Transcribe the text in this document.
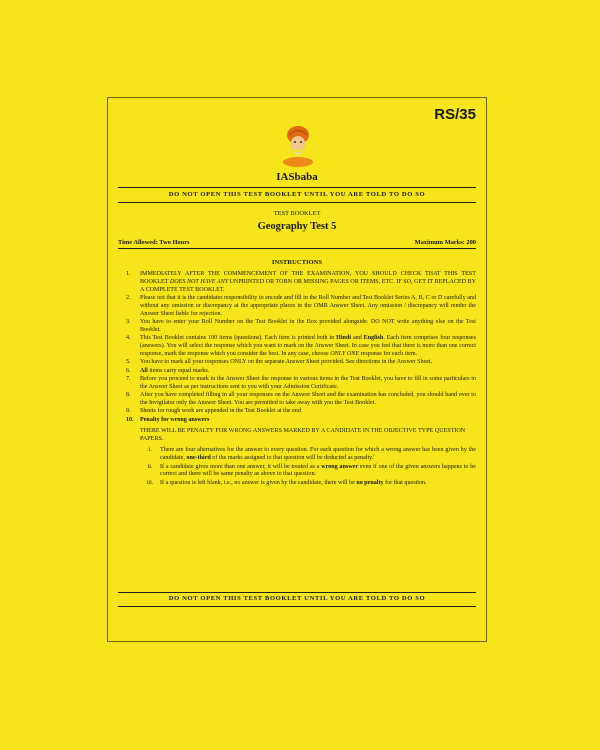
RS/35
IASbaba
DO NOT OPEN THIS TEST BOOKLET UNTIL YOU ARE TOLD TO DO SO
TEST BOOKLET
Geography Test 5
Time Allowed: Two Hours	Maximum Marks: 200
INSTRUCTIONS
1.	IMMEDIATELY AFTER THE COMMENCEMENT OF THE EXAMINATION, YOU SHOULD CHECK THAT THIS TEST BOOKLET DOES NOT HAVE ANY UNPRINTED OR TORN OR MISSING PAGES OR ITEMS, ETC. IF SO, GET IT REPLACED BY A COMPLETE TEST BOOKLET.
2.	Please not that it is the candidates responsibility to encode and fill in the Roll Number and Test Booklet Series A, B, C or D carefully and without any omission or discrepancy at the appropriate places in the OMR Answer Sheet. Any omission / discrepancy will render the Answer Sheet liable for rejection.
3.	You have to enter your Roll Number on the Test Booklet in the Box provided alongside. DO NOT write anything else on the Test Booklet.
4.	This Test Booklet contains 100 items (questions). Each item is printed both in Hindi and English. Each item comprises four responses (answers). You will select the response which you want to mark on the Answer Sheet. In case you feel that there is more than one correct response, mark the response which you consider the best. In any case, choose ONLY ONE response for each item.
5.	You have to mark all your responses ONLY on the separate Answer Sheet provided. See directions in the Answer Sheet.
6.	All items carry equal marks.
7.	Before you proceed to mark in the Answer Sheet the response to various items in the Test Booklet, you have to fill in some particulars in the Answer Sheet as per instructions sent to you with your Admission Certificate.
8.	After you have completed filling in all your responses on the Answer Sheet and the examination has concluded, you should hand over to the Invigilator only the Answer Sheet. You are permitted to take away with you the Test Booklet.
9.	Sheets for rough work are appended in the Test Booklet at the end
10.	Penalty for wrong answers
THERE WILL BE PENALTY FOR WRONG ANSWERS MARKED BY A CANDIDATE IN THE OBJECTIVE TYPE QUESTION PAPERS.
i.	There are four alternatives for the answer to every question. For each question for which a wrong answer has been given by the candidate, one-third of the marks assigned to that question will be deducted as penalty.'
ii.	If a candidate gives more than one answer, it will be treated as a wrong answer even if one of the given answers happens to be correct and there will be same penalty as above to that question.
iii.	If a question is left blank, i.e., no answer is given by the candidate, there will be no penalty for that question.
DO NOT OPEN THIS TEST BOOKLET UNTIL YOU ARE TOLD TO DO SO
